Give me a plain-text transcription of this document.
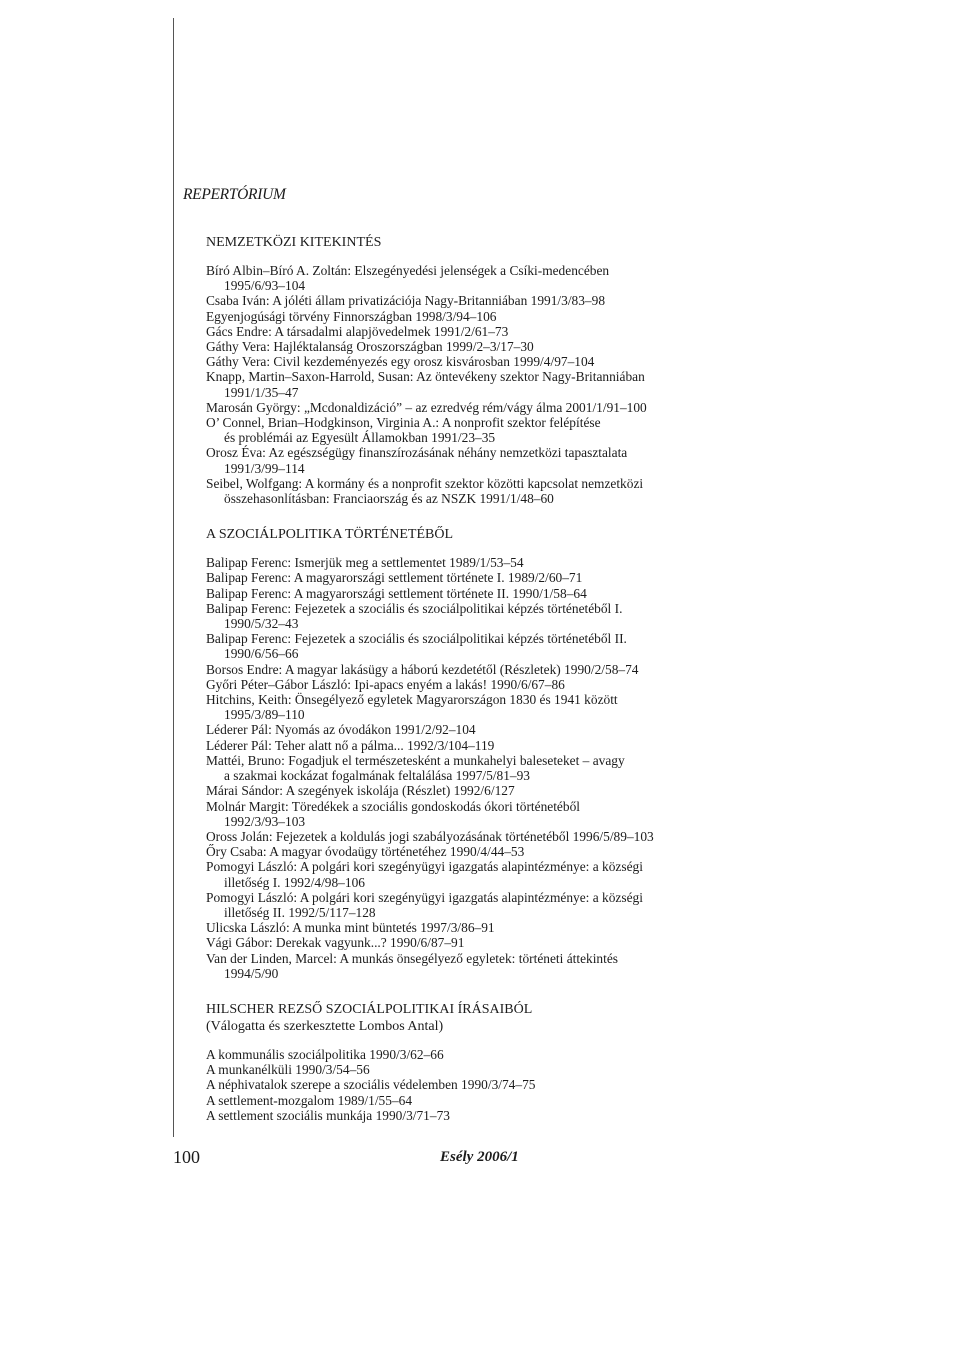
REPERTÓRIUM
NEMZETKÖZI KITEKINTÉS
Bíró Albin–Bíró A. Zoltán: Elszegényedési jelenségek a Csíki-medencében
1995/6/93–104
Csaba Iván: A jóléti állam privatizációja Nagy-Britanniában 1991/3/83–98
Egyenjogúsági törvény Finnországban 1998/3/94–106
Gács Endre: A társadalmi alapjövedelmek 1991/2/61–73
Gáthy Vera: Hajléktalanság Oroszországban 1999/2–3/17–30
Gáthy Vera: Civil kezdeményezés egy orosz kisvárosban 1999/4/97–104
Knapp, Martin–Saxon-Harrold, Susan: Az öntevékeny szektor Nagy-Britanniában
1991/1/35–47
Marosán György: „Mcdonaldizáció” – az ezredvég rém/vágy álma 2001/1/91–100
O’ Connel, Brian–Hodgkinson, Virginia A.: A nonprofit szektor felépítése
és problémái az Egyesült Államokban 1991/23–35
Orosz Éva: Az egészségügy finanszírozásának néhány nemzetközi tapasztalata
1991/3/99–114
Seibel, Wolfgang: A kormány és a nonprofit szektor közötti kapcsolat nemzetközi
összehasonlításban: Franciaország és az NSZK 1991/1/48–60
A SZOCIÁLPOLITIKA TÖRTÉNETÉBŐL
Balipap Ferenc: Ismerjük meg a settlementet 1989/1/53–54
Balipap Ferenc: A magyarországi settlement története I. 1989/2/60–71
Balipap Ferenc: A magyarországi settlement története II. 1990/1/58–64
Balipap Ferenc: Fejezetek a szociális és szociálpolitikai képzés történetéből I.
1990/5/32–43
Balipap Ferenc: Fejezetek a szociális és szociálpolitikai képzés történetéből II.
1990/6/56–66
Borsos Endre: A magyar lakásügy a háború kezdetétől (Részletek) 1990/2/58–74
Győri Péter–Gábor László: Ipi-apacs enyém a lakás! 1990/6/67–86
Hitchins, Keith: Önsegélyező egyletek Magyarországon 1830 és 1941 között
1995/3/89–110
Léderer Pál: Nyomás az óvodákon 1991/2/92–104
Léderer Pál: Teher alatt nő a pálma... 1992/3/104–119
Mattéi, Bruno: Fogadjuk el természetesként a munkahelyi baleseteket – avagy
a szakmai kockázat fogalmának feltalálása 1997/5/81–93
Márai Sándor: A szegények iskolája (Részlet) 1992/6/127
Molnár Margit: Töredékek a szociális gondoskodás ókori történetéből
1992/3/93–103
Oross Jolán: Fejezetek a koldulás jogi szabályozásának történetéből 1996/5/89–103
Őry Csaba: A magyar óvodaügy történetéhez 1990/4/44–53
Pomogyi László: A polgári kori szegényügyi igazgatás alapintézménye: a községi
illetőség I. 1992/4/98–106
Pomogyi László: A polgári kori szegényügyi igazgatás alapintézménye: a községi
illetőség II. 1992/5/117–128
Ulicska László: A munka mint büntetés 1997/3/86–91
Vági Gábor: Derekak vagyunk...? 1990/6/87–91
Van der Linden, Marcel: A munkás önsegélyező egyletek: történeti áttekintés
1994/5/90
HILSCHER REZSŐ SZOCIÁLPOLITIKAI ÍRÁSAIBÓL
(Válogatta és szerkesztette Lombos Antal)
A kommunális szociálpolitika 1990/3/62–66
A munkanélküli 1990/3/54–56
A néphivatalok szerepe a szociális védelemben 1990/3/74–75
A settlement-mozgalom 1989/1/55–64
A settlement szociális munkája 1990/3/71–73
100	Esély 2006/1
